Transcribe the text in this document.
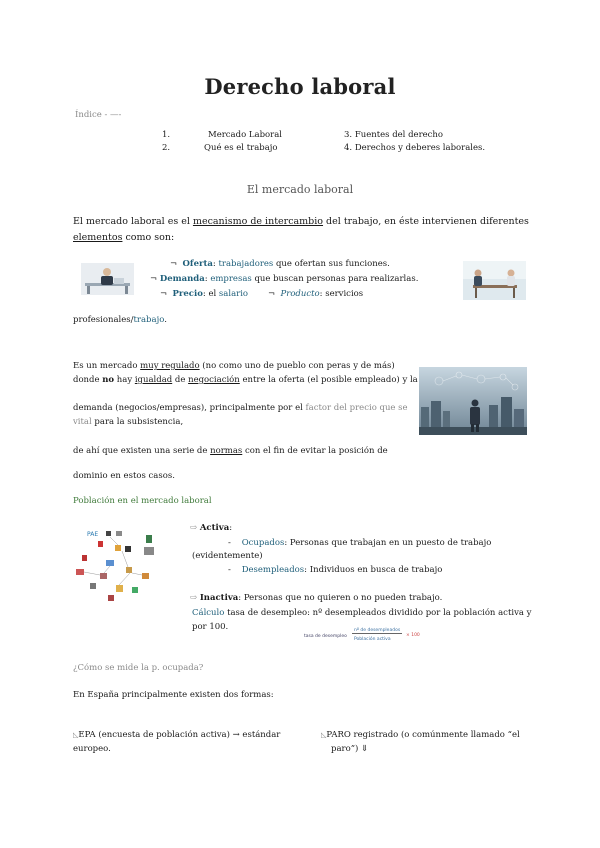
Derecho laboral
Índice - —-
1.	Mercado Laboral
2.	Qué es el trabajo
3. Fuentes del derecho
4. Derechos y deberes laborales.
El mercado laboral
El mercado laboral es el mecanismo de intercambio del trabajo, en éste intervienen diferentes
elementos como son:
¬ Oferta: trabajadores que ofertan sus funciones.
¬ Demanda: empresas que buscan personas para realizarlas.
¬ Precio: el salario ¬ Producto: servicios
profesionales/trabajo.
Es un mercado muy regulado (no como uno de pueblo con peras y de más)
donde no hay igualdad de negociación entre la oferta (el posible empleado) y la
demanda (negocios/empresas), principalmente por el factor del precio que se
vital para la subsistencia,
de ahí que existen una serie de normas con el fin de evitar la posición de
dominio en estos casos.
Población en el mercado laboral
PAE
⇨ Activa:
- Ocupados: Personas que trabajan en un puesto de trabajo
(evidentemente)
- Desempleados: Individuos en busca de trabajo
⇨ Inactiva: Personas que no quieren o no pueden trabajo.
Cálculo tasa de desempleo: nº desempleados dividido por la población activa y
por 100.
tasa de desempleo
nº de desempleados
Población activa
× 100
¿Cómo se mide la p. ocupada?
En España principalmente existen dos formas:
◺EPA (encuesta de población activa) → estándar
europeo.
◺PARO registrado (o comúnmente llamado “el
paro”) ⇓
